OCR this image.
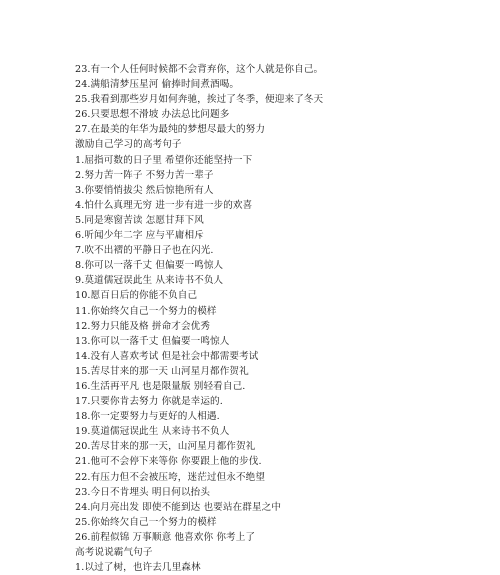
23.有一个人任何时候都不会背弃你，这个人就是你自己。
24.满船清梦压星河 偷捧时间煮酒喝。
25.我看到那些岁月如何奔驰，挨过了冬季，便迎来了冬天
26.只要思想不滑坡 办法总比问题多
27.在最美的年华为最纯的梦想尽最大的努力
激励自己学习的高考句子
1.屈指可数的日子里 希望你还能坚持一下
2.努力苦一阵子 不努力苦一辈子
3.你要悄悄拔尖 然后惊艳所有人
4.怕什么真理无穷 进一步有进一步的欢喜
5.同是寒窗苦读 怎愿甘拜下风
6.听闻少年二字 应与平庸相斥
7.吹不出褶的平静日子也在闪光.
8.你可以一落千丈 但偏要一鸣惊人
9.莫道儒冠误此生 从来诗书不负人
10.愿百日后的你能不负自己
11.你始终欠自己一个努力的模样
12.努力只能及格 拼命才会优秀
13.你可以一落千丈 但偏要一鸣惊人
14.没有人喜欢考试 但是社会中都需要考试
15.苦尽甘来的那一天 山河星月都作贺礼
16.生活再平凡 也是限量版 别轻看自己.
17.只要你肯去努力 你就是幸运的.
18.你一定要努力与更好的人相遇.
19.莫道儒冠误此生 从来诗书不负人
20.苦尽甘来的那一天，山河星月都作贺礼
21.他可不会停下来等你 你要跟上他的步伐.
22.有压力但不会被压垮，迷茫过但永不绝望
23.今日不肯埋头 明日何以抬头
24.向月亮出发 即使不能到达 也要站在群星之中
25.你始终欠自己一个努力的模样
26.前程似锦 万事顺意 他喜欢你 你考上了
高考说说霸气句子
1.以过了树，也许去几里森林
